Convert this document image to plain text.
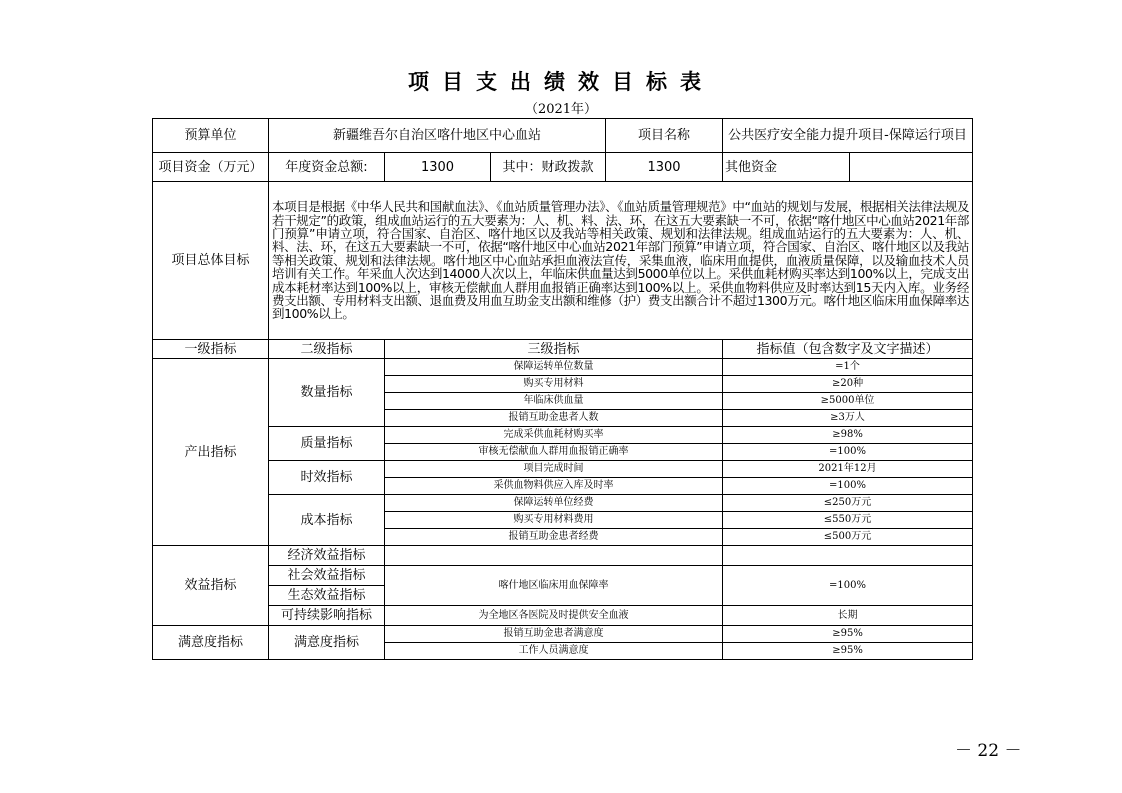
项目支出绩效目标表
（2021年）
预算单位	新疆维吾尔自治区喀什地区中心血站			项目名称	公共医疗安全能力提升项目-保障运行项目	
项目资金（万元）	年度资金总额:	1300	其中：财政拨款	1300	其他资金	
项目总体目标	本项目是根据《中华人民共和国献血法》、《血站质量管理办法》、《血站质量管理规范》中“血站的规划与发展，根据相关法律法规及若干规定”的政策，组成血站运行的五大要素为：人、机、料、法、环，在这五大要素缺一不可，依据“喀什地区中心血站2021年部门预算”申请立项，符合国家、自治区、喀什地区以及我站等相关政策、规划和法律法规。组成血站运行的五大要素为：人、机、料、法、环，在这五大要素缺一不可，依据“喀什地区中心血站2021年部门预算”申请立项，符合国家、自治区、喀什地区以及我站等相关政策、规划和法律法规。喀什地区中心血站承担血液法宣传，采集血液，临床用血提供，血液质量保障，以及输血技术人员培训有关工作。年采血人次达到14000人次以上，年临床供血量达到5000单位以上。采供血耗材购买率达到100%以上，完成支出成本耗材率达到100%以上，审核无偿献血人群用血报销正确率达到100%以上。采供血物料供应及时率达到15天内入库。业务经费支出额、专用材料支出额、退血费及用血互助金支出额和维修（护）费支出额合计不超过1300万元。喀什地区临床用血保障率达到100%以上。					
一级指标	二级指标	三级指标			指标值（包含数字及文字描述）	
产出指标	数量指标	保障运转单位数量			=1个	
		购买专用材料			≥20种	
		年临床供血量			≥5000单位	
		报销互助金患者人数			≥3万人	
	质量指标	完成采供血耗材购买率			≥98%	
		审核无偿献血人群用血报销正确率			=100%	
	时效指标	项目完成时间			2021年12月	
		采供血物料供应入库及时率			=100%	
	成本指标	保障运转单位经费			≤250万元	
		购买专用材料费用			≤550万元	
		报销互助金患者经费			≤500万元	
效益指标	经济效益指标					
	社会效益指标	喀什地区临床用血保障率			=100%	
	生态效益指标					
	可持续影响指标	为全地区各医院及时提供安全血液			长期	
满意度指标	满意度指标	报销互助金患者满意度			≥95%	
		工作人员满意度			≥95%	
－ 22 －
